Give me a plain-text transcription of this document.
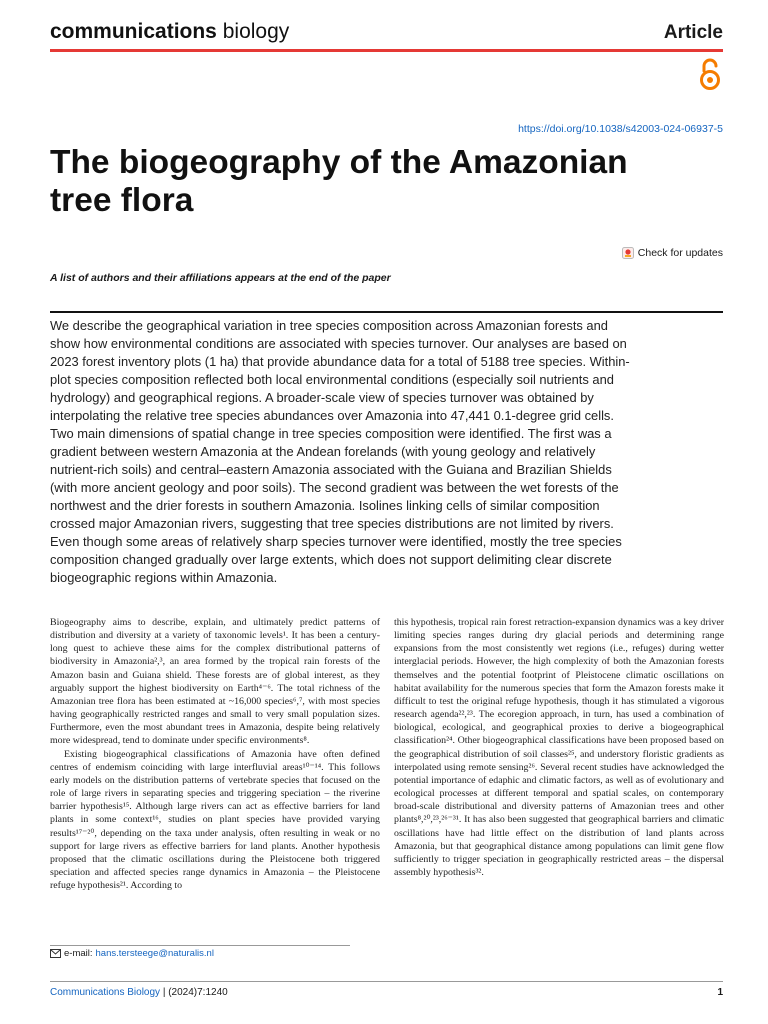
communications biology	Article
https://doi.org/10.1038/s42003-024-06937-5
The biogeography of the Amazonian tree flora
Check for updates
A list of authors and their affiliations appears at the end of the paper

We describe the geographical variation in tree species composition across Amazonian forests and show how environmental conditions are associated with species turnover. Our analyses are based on 2023 forest inventory plots (1 ha) that provide abundance data for a total of 5188 tree species. Within-plot species composition reflected both local environmental conditions (especially soil nutrients and hydrology) and geographical regions. A broader-scale view of species turnover was obtained by interpolating the relative tree species abundances over Amazonia into 47,441 0.1-degree grid cells. Two main dimensions of spatial change in tree species composition were identified. The first was a gradient between western Amazonia at the Andean forelands (with young geology and relatively nutrient-rich soils) and central–eastern Amazonia associated with the Guiana and Brazilian Shields (with more ancient geology and poor soils). The second gradient was between the wet forests of the northwest and the drier forests in southern Amazonia. Isolines linking cells of similar composition crossed major Amazonian rivers, suggesting that tree species distributions are not limited by rivers. Even though some areas of relatively sharp species turnover were identified, mostly the tree species composition changed gradually over large extents, which does not support delimiting clear discrete biogeographic regions within Amazonia.

Biogeography aims to describe, explain, and ultimately predict patterns of distribution and diversity at a variety of taxonomic levels¹. It has been a century-long quest to achieve these aims for the complex distributional patterns of biodiversity in Amazonia²,³, an area formed by the tropical rain forests of the Amazon basin and Guiana shield. These forests are of global interest, as they arguably support the highest biodiversity on Earth⁴⁻⁶. The total richness of the Amazonian tree flora has been estimated at ~16,000 species⁶,⁷, with most species having geographically restricted ranges and small to very small population sizes. Furthermore, even the most abundant trees in Amazonia, despite being relatively more widespread, tend to dominate under specific environments⁸.

Existing biogeographical classifications of Amazonia have often defined centres of endemism coinciding with large interfluvial areas¹⁰⁻¹⁴. This follows early models on the distribution patterns of vertebrate species that focused on the role of large rivers in separating species and triggering speciation – the riverine barrier hypothesis¹⁵. Although large rivers can act as effective barriers for land plants in some context¹⁶, studies on plant species have provided varying results¹⁷⁻²⁰, depending on the taxa under analysis, often resulting in weak or no support for large rivers as effective barriers for land plants. Another hypothesis proposed that the climatic oscillations during the Pleistocene both triggered speciation and affected species range dynamics in Amazonia – the Pleistocene refuge hypothesis²¹. According to

this hypothesis, tropical rain forest retraction-expansion dynamics was a key driver limiting species ranges during dry glacial periods and determining range expansions from the most consistently wet regions (i.e., refuges) during wetter interglacial periods. However, the high complexity of both the Amazonian forests themselves and the potential footprint of Pleistocene climatic oscillations on habitat availability for the numerous species that form the Amazon forests make it difficult to test the original refuge hypothesis, though it has stimulated a vigorous research agenda²²,²³. The ecoregion approach, in turn, has used a combination of biological, ecological, and geographical proxies to derive a biogeographical classification²⁴. Other biogeographical classifications have been proposed based on the geographical distribution of soil classes²⁵, and understory floristic gradients as interpolated using remote sensing²⁶. Several recent studies have acknowledged the potential importance of edaphic and climatic factors, as well as of evolutionary and ecological processes at different temporal and spatial scales, on contemporary broad-scale distributional and diversity patterns of Amazonian trees and other plants⁸,²⁰,²³,²⁶⁻³¹. It has also been suggested that geographical barriers and climatic oscillations have had little effect on the distribution of land plants across Amazonia, but that geographical distance among populations can limit gene flow sufficiently to trigger speciation in geographically restricted areas – the dispersal assembly hypothesis³².

e-mail: hans.tersteege@naturalis.nl
Communications Biology | (2024)7:1240	1
